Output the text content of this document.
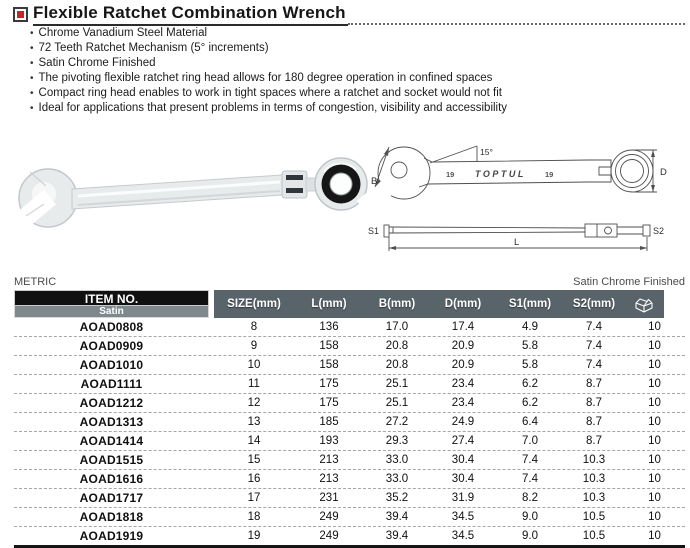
Flexible Ratchet Combination Wrench
• Chrome Vanadium Steel Material
• 72 Teeth Ratchet Mechanism (5° increments)
• Satin Chrome Finished
• The pivoting flexible ratchet ring head allows for 180 degree operation in confined spaces
• Compact ring head enables to work in tight spaces where a ratchet and socket would not fit
• Ideal for applications that present problems in terms of congestion, visibility and accessibility
B
D
S1	S2
L
15°
19 TOPTUL	19
METRIC	Satin Chrome Finished
ITEM NO.
Satin
SIZE(mm)	L(mm)	B(mm)	D(mm)	S1(mm)	S2(mm)
AOAD0808	8	136	17.0	17.4	4.9	7.4	10
AOAD0909	9	158	20.8	20.9	5.8	7.4	10
AOAD1010	10	158	20.8	20.9	5.8	7.4	10
AOAD1111	11	175	25.1	23.4	6.2	8.7	10
AOAD1212	12	175	25.1	23.4	6.2	8.7	10
AOAD1313	13	185	27.2	24.9	6.4	8.7	10
AOAD1414	14	193	29.3	27.4	7.0	8.7	10
AOAD1515	15	213	33.0	30.4	7.4	10.3	10
AOAD1616	16	213	33.0	30.4	7.4	10.3	10
AOAD1717	17	231	35.2	31.9	8.2	10.3	10
AOAD1818	18	249	39.4	34.5	9.0	10.5	10
AOAD1919	19	249	39.4	34.5	9.0	10.5	10
